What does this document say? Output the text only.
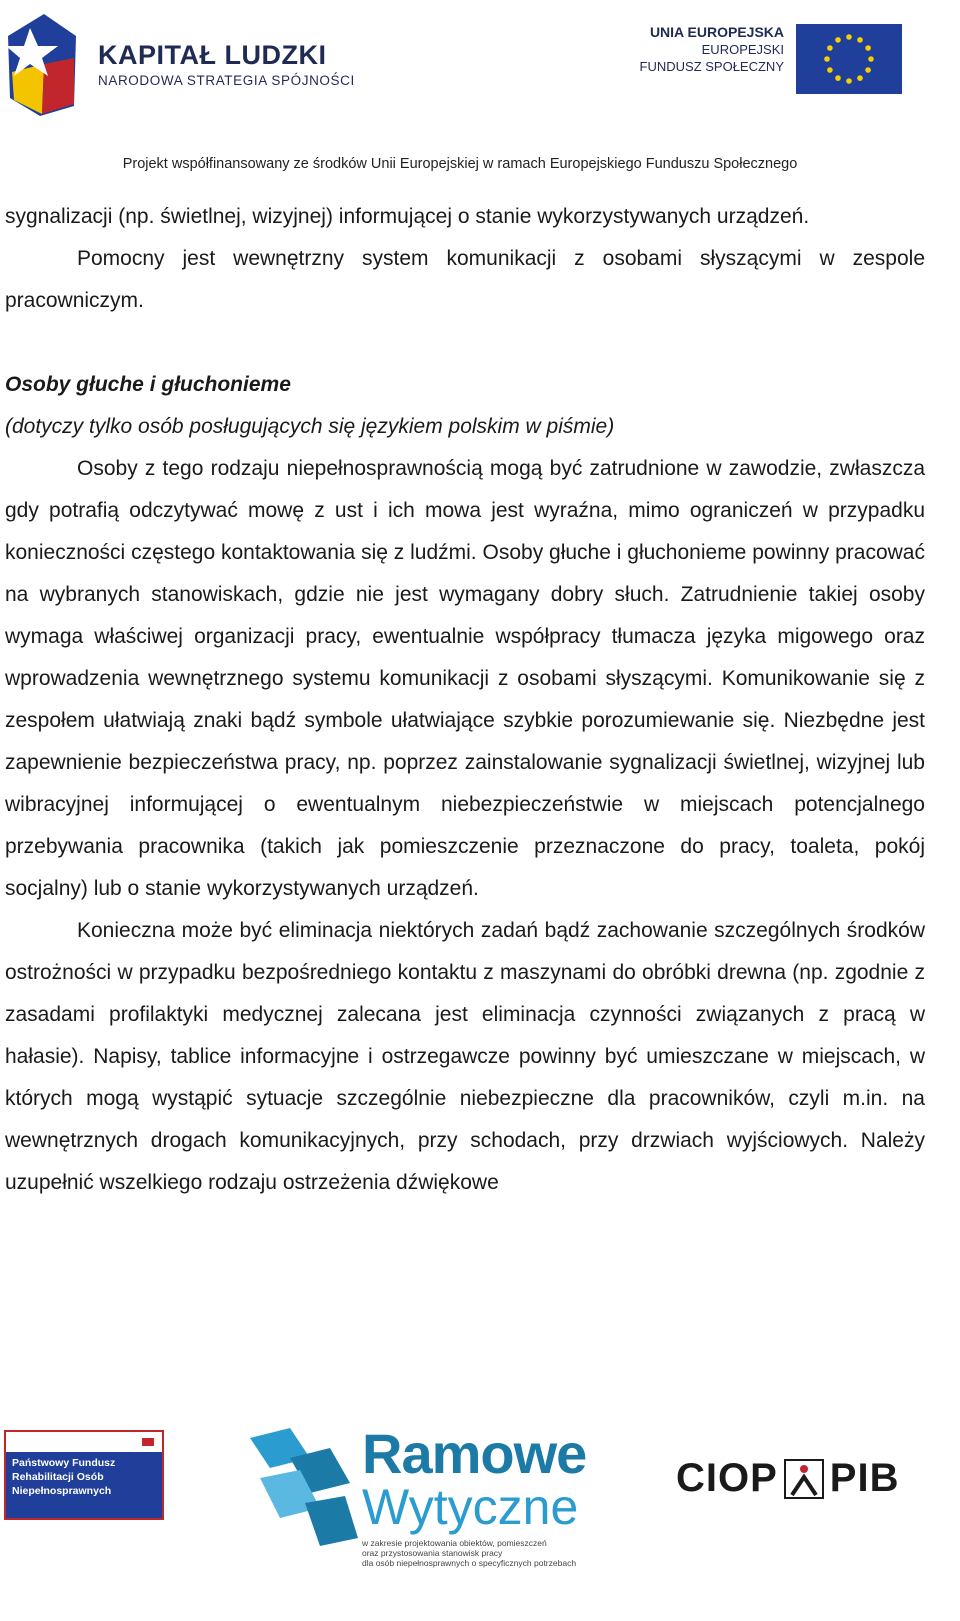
KAPITAŁ LUDZKI
NARODOWA STRATEGIA SPÓJNOŚCI
UNIA EUROPEJSKA
EUROPEJSKI
FUNDUSZ SPOŁECZNY
Projekt współfinansowany ze środków Unii Europejskiej w ramach Europejskiego Funduszu Społecznego

sygnalizacji (np. świetlnej, wizyjnej) informującej o stanie wykorzystywanych urządzeń.

Pomocny jest wewnętrzny system komunikacji z osobami słyszącymi w zespole pracowniczym.

Osoby głuche i głuchonieme

(dotyczy tylko osób posługujących się językiem polskim w piśmie)

Osoby z tego rodzaju niepełnosprawnością mogą być zatrudnione w zawodzie, zwłaszcza gdy potrafią odczytywać mowę z ust i ich mowa jest wyraźna, mimo ograniczeń w przypadku konieczności częstego kontaktowania się z ludźmi. Osoby głuche i głuchonieme powinny pracować na wybranych stanowiskach, gdzie nie jest wymagany dobry słuch. Zatrudnienie takiej osoby wymaga właściwej organizacji pracy, ewentualnie współpracy tłumacza języka migowego oraz wprowadzenia wewnętrznego systemu komunikacji z osobami słyszącymi. Komunikowanie się z zespołem ułatwiają znaki bądź symbole ułatwiające szybkie porozumiewanie się. Niezbędne jest zapewnienie bezpieczeństwa pracy, np. poprzez zainstalowanie sygnalizacji świetlnej, wizyjnej lub wibracyjnej informującej o ewentualnym niebezpieczeństwie w miejscach potencjalnego przebywania pracownika (takich jak pomieszczenie przeznaczone do pracy, toaleta, pokój socjalny) lub o stanie wykorzystywanych urządzeń.

Konieczna może być eliminacja niektórych zadań bądź zachowanie szczególnych środków ostrożności w przypadku bezpośredniego kontaktu z maszynami do obróbki drewna (np. zgodnie z zasadami profilaktyki medycznej zalecana jest eliminacja czynności związanych z pracą w hałasie). Napisy, tablice informacyjne i ostrzegawcze powinny być umieszczane w miejscach, w których mogą wystąpić sytuacje szczególnie niebezpieczne dla pracowników, czyli m.in. na wewnętrznych drogach komunikacyjnych, przy schodach, przy drzwiach wyjściowych. Należy uzupełnić wszelkiego rodzaju ostrzeżenia dźwiękowe

Państwowy Fundusz
Rehabilitacji Osób
Niepełnosprawnych
Ramowe
Wytyczne
w zakresie projektowania obiektów, pomieszczeń
oraz przystosowania stanowisk pracy
dla osób niepełnosprawnych o specyficznych potrzebach
CIOP PIB
